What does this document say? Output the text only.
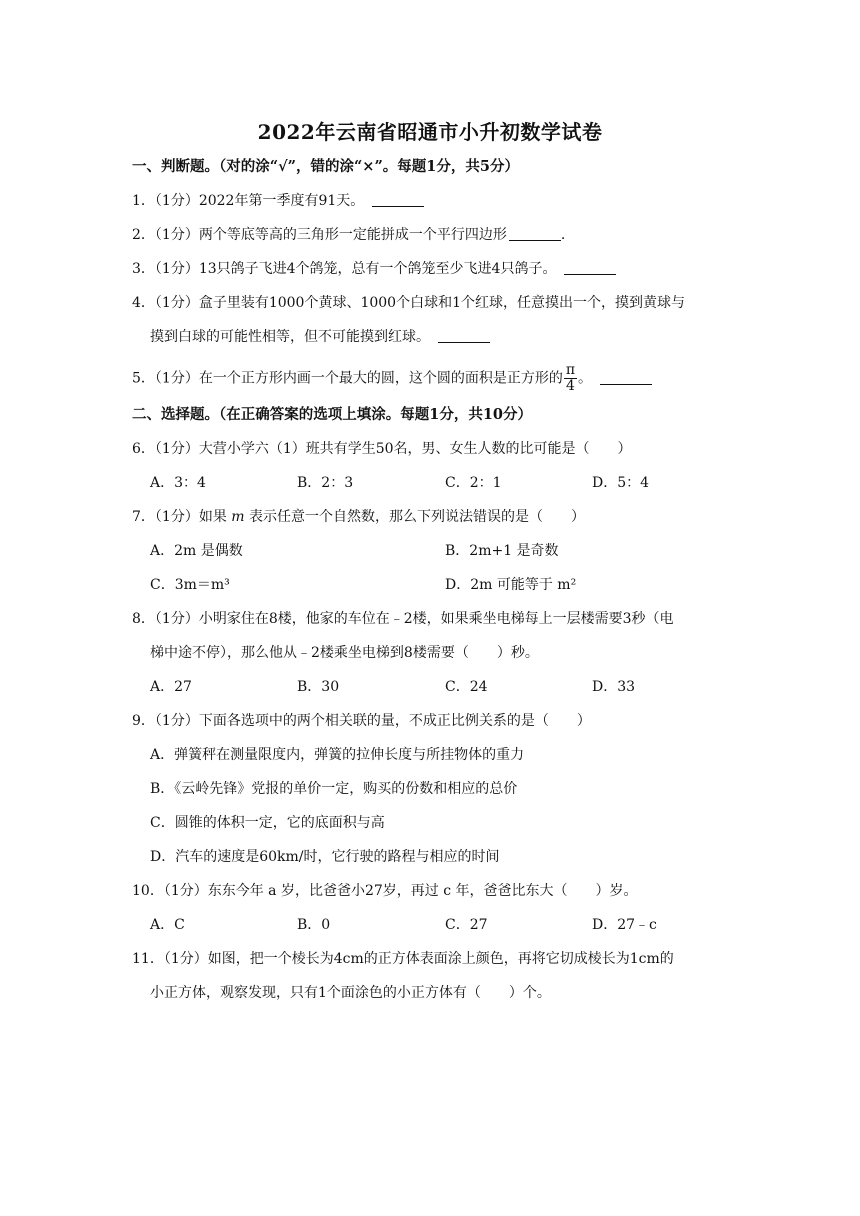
2022年云南省昭通市小升初数学试卷
一、判断题。（对的涂“√”，错的涂“×”。每题1分，共5分）
1．（1分）2022年第一季度有91天。
2．（1分）两个等底等高的三角形一定能拼成一个平行四边形	.
3．（1分）13只鸽子飞进4个鸽笼，总有一个鸽笼至少飞进4只鸽子。
4．（1分）盒子里装有1000个黄球、1000个白球和1个红球，任意摸出一个，摸到黄球与
摸到白球的可能性相等，但不可能摸到红球。
5．（1分）在一个正方形内画一个最大的圆，这个圆的面积是正方形的 $\frac{\pi}{4}$ 。
二、选择题。（在正确答案的选项上填涂。每题1分，共10分）
6．（1分）大营小学六（1）班共有学生50名，男、女生人数的比可能是（　　）
A．3：4	B．2：3	C．2：1	D．5：4
7．（1分）如果 m 表示任意一个自然数，那么下列说法错误的是（　　）
A．2m 是偶数	B．2m+1 是奇数
C．3m＝m³	D．2m 可能等于 m²
8．（1分）小明家住在8楼，他家的车位在﹣2楼，如果乘坐电梯每上一层楼需要3秒（电
梯中途不停），那么他从﹣2楼乘坐电梯到8楼需要（　　）秒。
A．27	B．30	C．24	D．33
9．（1分）下面各选项中的两个相关联的量，不成正比例关系的是（　　）
A．弹簧秤在测量限度内，弹簧的拉伸长度与所挂物体的重力
B．《云岭先锋》党报的单价一定，购买的份数和相应的总价
C．圆锥的体积一定，它的底面积与高
D．汽车的速度是60km/时，它行驶的路程与相应的时间
10．（1分）东东今年 a 岁，比爸爸小27岁，再过 c 年，爸爸比东大（　　）岁。
A．C	B．0	C．27	D．27﹣c
11．（1分）如图，把一个棱长为4cm的正方体表面涂上颜色，再将它切成棱长为1cm的
小正方体，观察发现，只有1个面涂色的小正方体有（　　）个。
